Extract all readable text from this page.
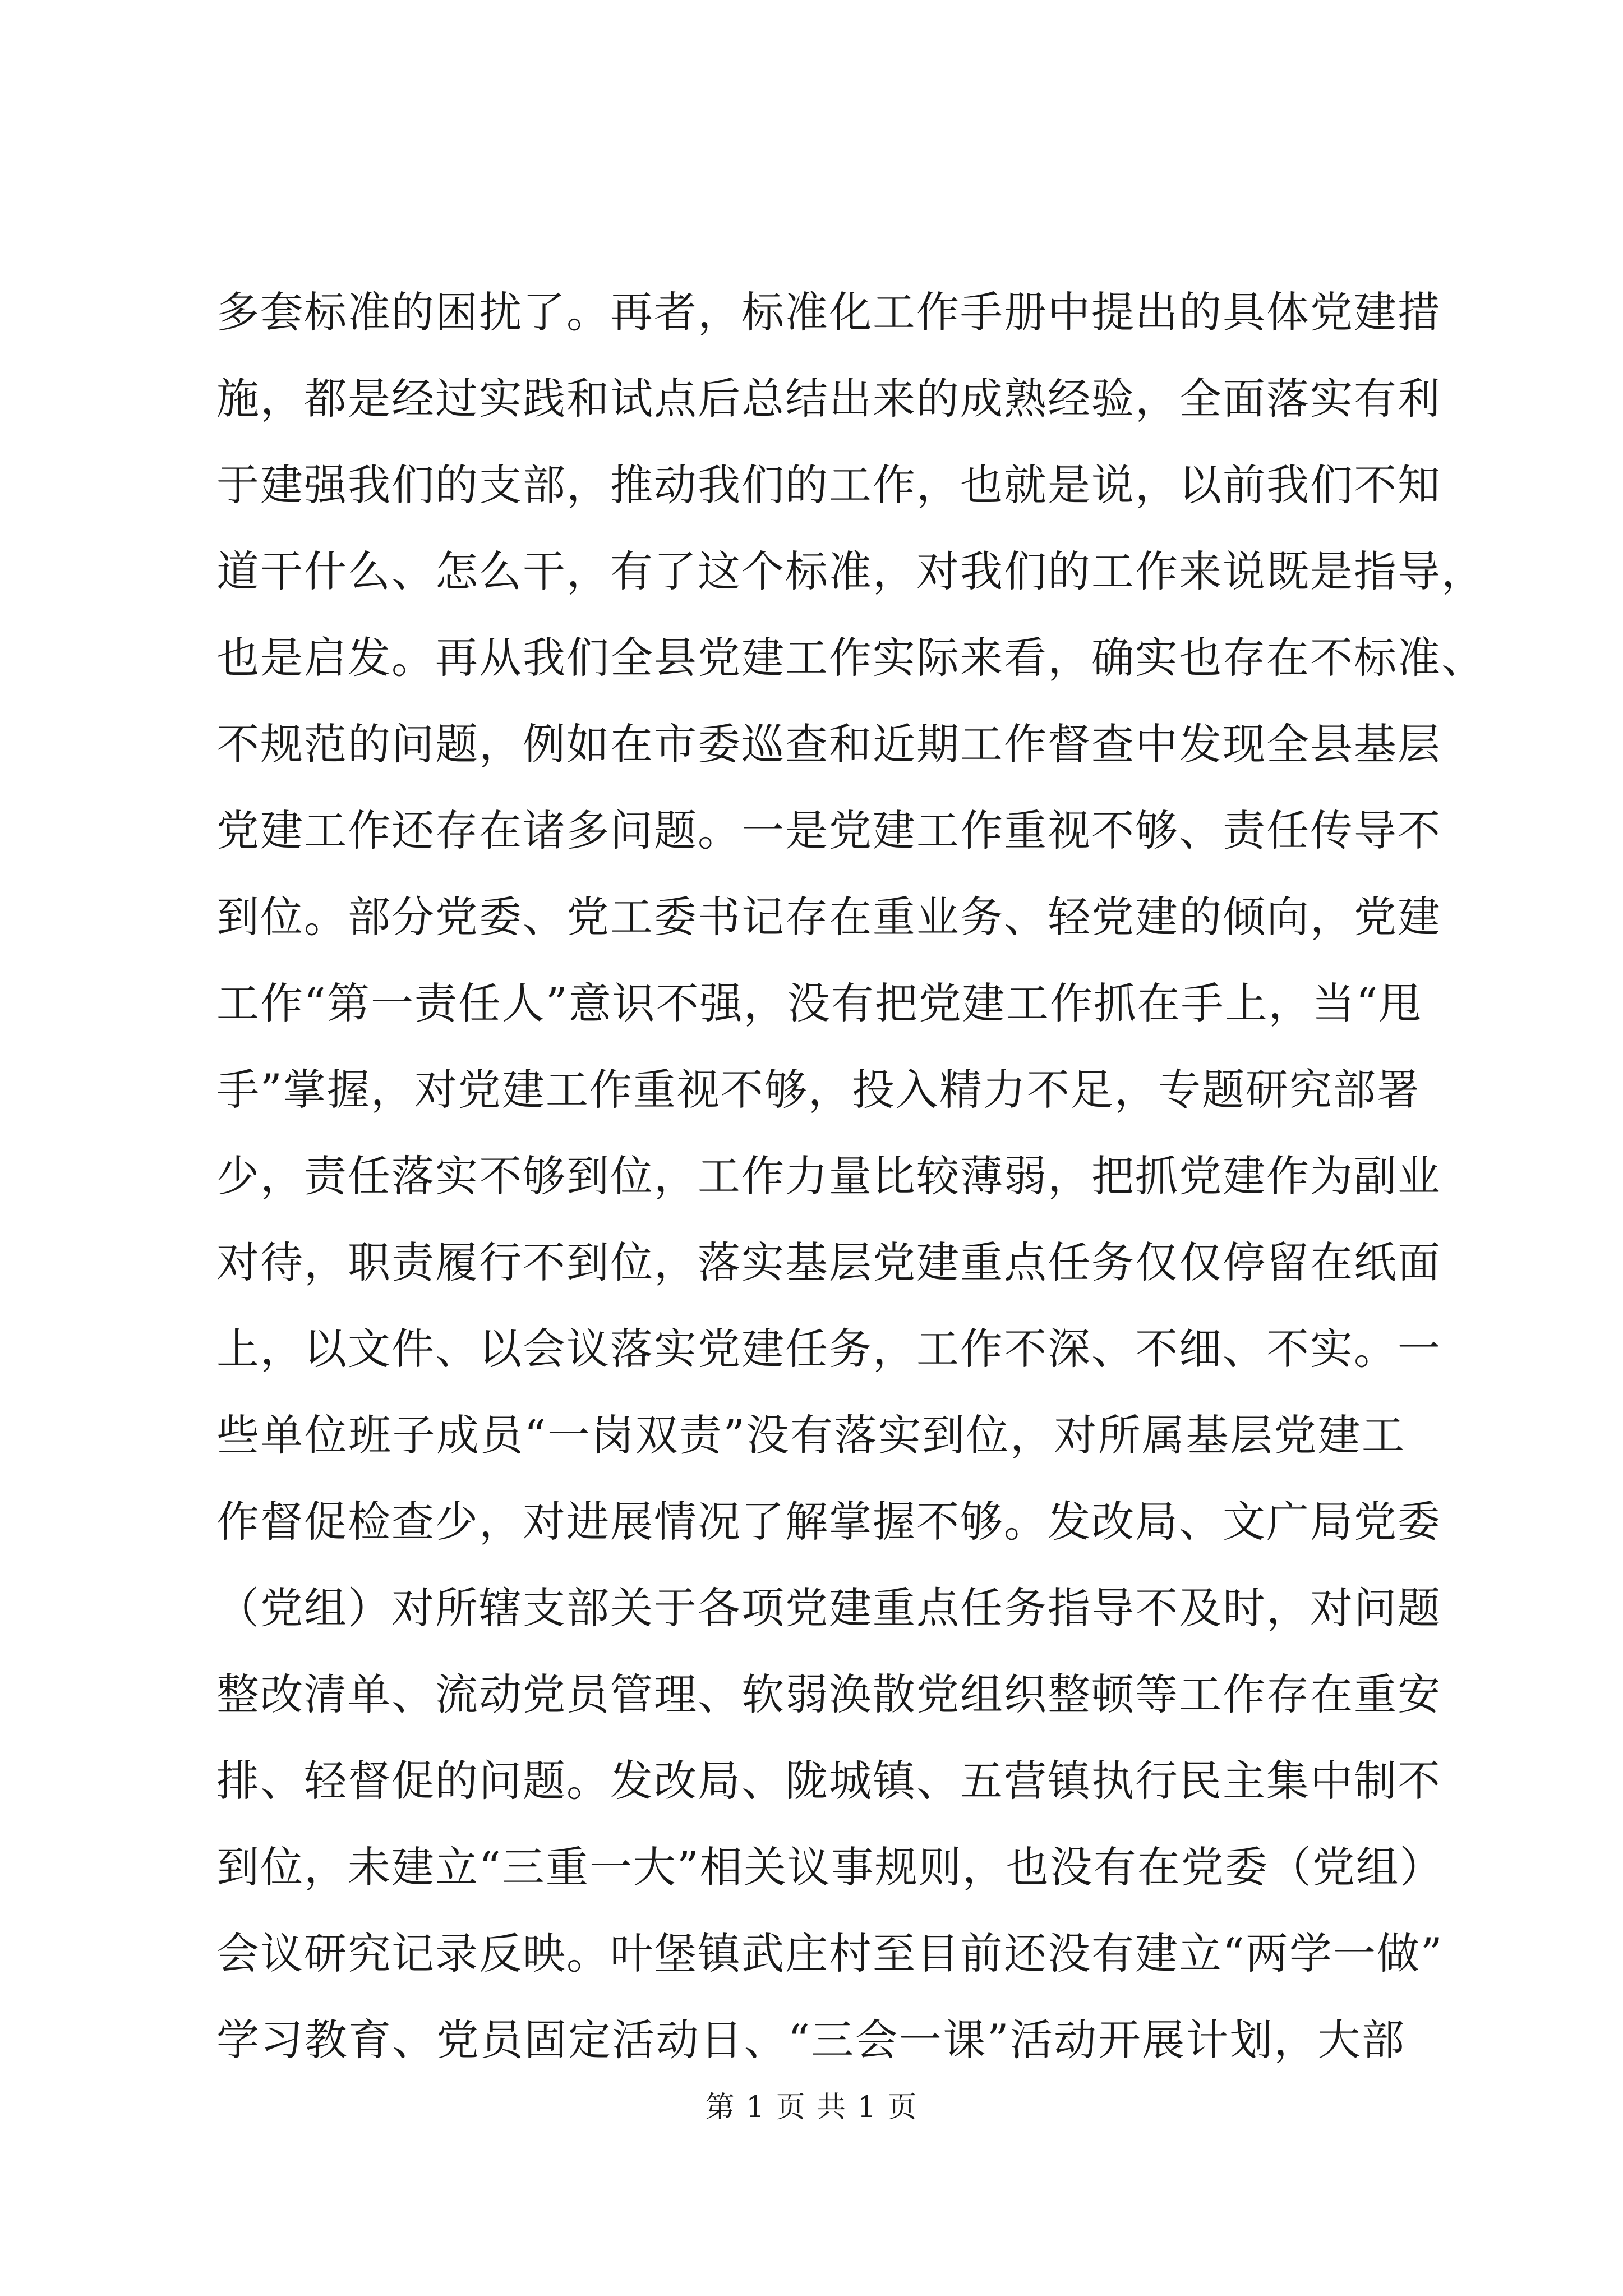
多套标准的困扰了。再者，标准化工作手册中提出的具体党建措
施，都是经过实践和试点后总结出来的成熟经验，全面落实有利
于建强我们的支部，推动我们的工作，也就是说，以前我们不知
道干什么、怎么干，有了这个标准，对我们的工作来说既是指导，
也是启发。再从我们全县党建工作实际来看，确实也存在不标准、
不规范的问题，例如在市委巡查和近期工作督查中发现全县基层
党建工作还存在诸多问题。一是党建工作重视不够、责任传导不
到位。部分党委、党工委书记存在重业务、轻党建的倾向，党建
工作“第一责任人”意识不强，没有把党建工作抓在手上，当“甩
手”掌握，对党建工作重视不够，投入精力不足，专题研究部署
少，责任落实不够到位，工作力量比较薄弱，把抓党建作为副业
对待，职责履行不到位，落实基层党建重点任务仅仅停留在纸面
上，以文件、以会议落实党建任务，工作不深、不细、不实。一
些单位班子成员“一岗双责”没有落实到位，对所属基层党建工
作督促检查少，对进展情况了解掌握不够。发改局、文广局党委
（党组）对所辖支部关于各项党建重点任务指导不及时，对问题
整改清单、流动党员管理、软弱涣散党组织整顿等工作存在重安
排、轻督促的问题。发改局、陇城镇、五营镇执行民主集中制不
到位，未建立“三重一大”相关议事规则，也没有在党委（党组）
会议研究记录反映。叶堡镇武庄村至目前还没有建立“两学一做”
学习教育、党员固定活动日、“三会一课”活动开展计划，大部
第 1 页 共 1 页
